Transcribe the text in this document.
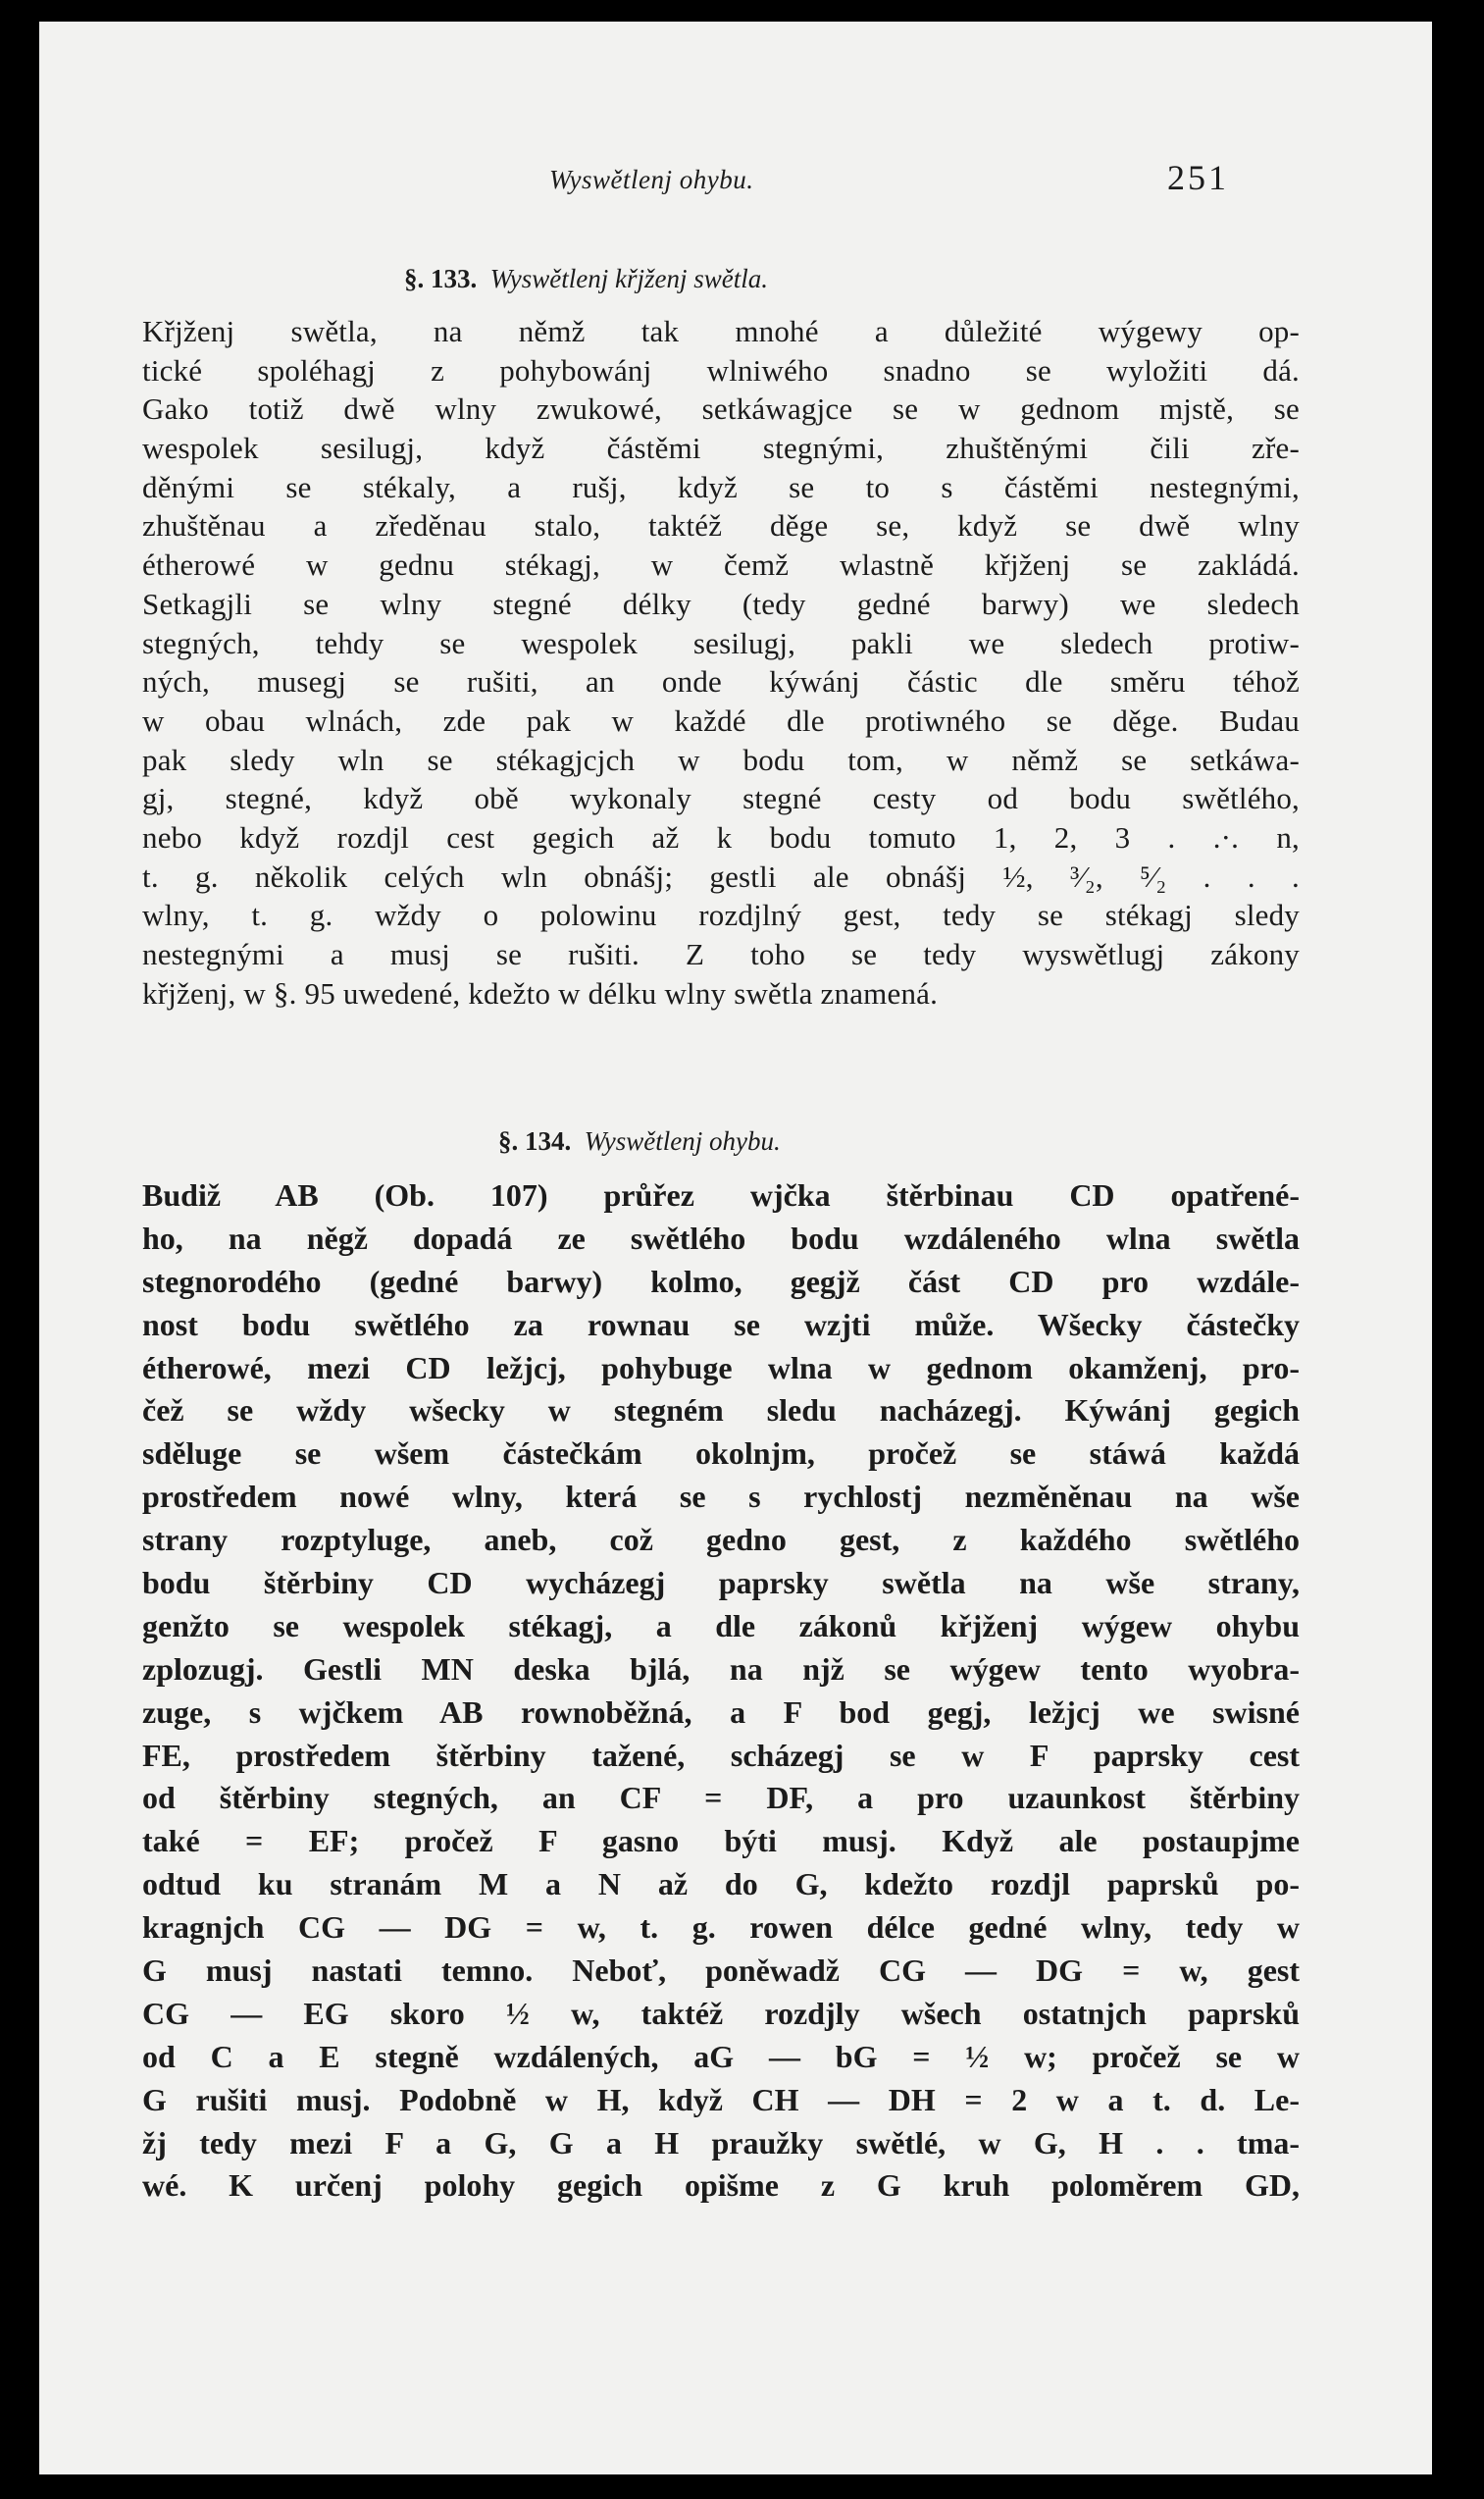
Wyswětlenj ohybu.	251
§. 133. Wyswětlenj křjženj swětla.
Křjženj swětla, na němž tak mnohé a důležité wýgewy op-
tické spoléhagj z pohybowánj wlniwého snadno se wyložiti dá.
Gako totiž dwě wlny zwukowé, setkáwagjce se w gednom mjstě, se
wespolek sesilugj, když částěmi stegnými, zhuštěnými čili zře-
děnými se stékaly, a rušj, když se to s částěmi nestegnými,
zhuštěnau a zředěnau stalo, taktéž děge se, když se dwě wlny
étherowé w gednu stékagj, w čemž wlastně křjženj se zakládá.
Setkagjli se wlny stegné délky (tedy gedné barwy) we sledech
stegných, tehdy se wespolek sesilugj, pakli we sledech protiw-
ných, musegj se rušiti, an onde kýwánj částic dle směru téhož
w obau wlnách, zde pak w každé dle protiwného se děge. Budau
pak sledy wln se stékagjcjch w bodu tom, w němž se setkáwa-
gj, stegné, když obě wykonaly stegné cesty od bodu swětlého,
nebo když rozdjl cest gegich až k bodu tomuto 1, 2, 3 . .·. n,
t. g. několik celých wln obnášj; gestli ale obnášj ½, ³⁄₂, ⁵⁄₂ . . .
wlny, t. g. wždy o polowinu rozdjlný gest, tedy se stékagj sledy
nestegnými a musj se rušiti. Z toho se tedy wyswětlugj zákony
křjženj, w §. 95 uwedené, kdežto w délku wlny swětla znamená.
§. 134. Wyswětlenj ohybu.
Budiž AB (Ob. 107) průřez wjčka štěrbinau CD opatřené-
ho, na něgž dopadá ze swětlého bodu wzdáleného wlna swětla
stegnorodého (gedné barwy) kolmo, gegjž část CD pro wzdále-
nost bodu swětlého za rownau se wzjti může. Wšecky částečky
étherowé, mezi CD ležjcj, pohybuge wlna w gednom okamženj, pro-
čež se wždy wšecky w stegném sledu nacházegj. Kýwánj gegich
sděluge se wšem částečkám okolnjm, pročež se stáwá každá
prostředem nowé wlny, která se s rychlostj nezměněnau na wše
strany rozptyluge, aneb, což gedno gest, z každého swětlého
bodu štěrbiny CD wycházegj paprsky swětla na wše strany,
genžto se wespolek stékagj, a dle zákonů křjženj wýgew ohybu
zplozugj. Gestli MN deska bjlá, na njž se wýgew tento wyobra-
zuge, s wjčkem AB rownoběžná, a F bod gegj, ležjcj we swisné
FE, prostředem štěrbiny tažené, scházegj se w F paprsky cest
od štěrbiny stegných, an CF = DF, a pro uzaunkost štěrbiny
také = EF; pročež F gasno býti musj. Když ale postaupjme
odtud ku stranám M a N až do G, kdežto rozdjl paprsků po-
kragnjch CG — DG = w, t. g. rowen délce gedné wlny, tedy w
G musj nastati temno. Neboť, poněwadž CG — DG = w, gest
CG — EG skoro ½ w, taktéž rozdjly wšech ostatnjch paprsků
od C a E stegně wzdálených, aG — bG = ½ w; pročež se w
G rušiti musj. Podobně w H, když CH — DH = 2 w a t. d. Le-
žj tedy mezi F a G, G a H praužky swětlé, w G, H . . tma-
wé. K určenj polohy gegich opišme z G kruh poloměrem GD,
